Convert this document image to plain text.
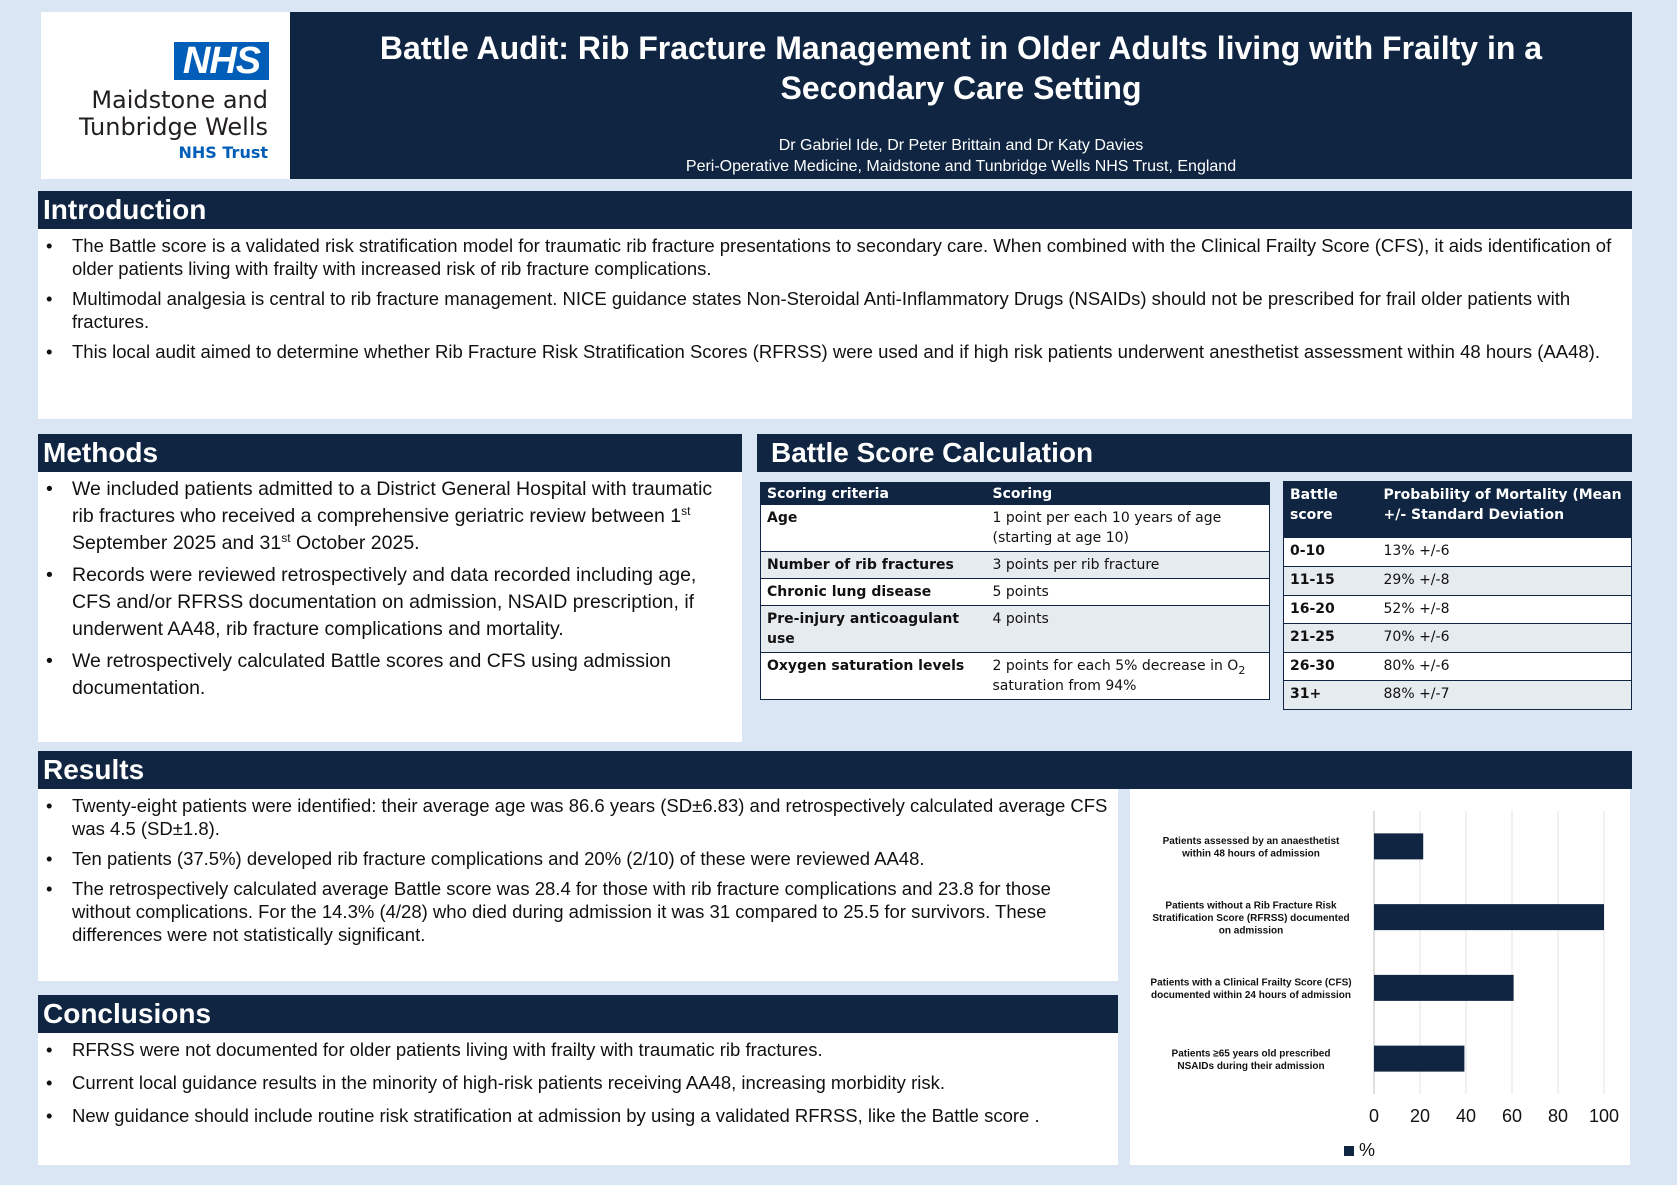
NHS
Maidstone and
Tunbridge Wells
NHS Trust
Battle Audit: Rib Fracture Management in Older Adults living with Frailty in a
Secondary Care Setting
Dr Gabriel Ide, Dr Peter Brittain and Dr Katy Davies
Peri-Operative Medicine, Maidstone and Tunbridge Wells NHS Trust, England
Introduction
• The Battle score is a validated risk stratification model for traumatic rib fracture presentations to secondary care. When combined with the Clinical Frailty Score (CFS), it aids identification of older patients living with frailty with increased risk of rib fracture complications.
• Multimodal analgesia is central to rib fracture management. NICE guidance states Non-Steroidal Anti-Inflammatory Drugs (NSAIDs) should not be prescribed for frail older patients with fractures.
• This local audit aimed to determine whether Rib Fracture Risk Stratification Scores (RFRSS) were used and if high risk patients underwent anesthetist assessment within 48 hours (AA48).
Methods
• We included patients admitted to a District General Hospital with traumatic rib fractures who received a comprehensive geriatric review between 1st September 2025 and 31st October 2025.
• Records were reviewed retrospectively and data recorded including age, CFS and/or RFRSS documentation on admission, NSAID prescription, if underwent AA48, rib fracture complications and mortality.
• We retrospectively calculated Battle scores and CFS using admission documentation.
Battle Score Calculation
Scoring criteria	Scoring
Age	1 point per each 10 years of age (starting at age 10)
Number of rib fractures	3 points per rib fracture
Chronic lung disease	5 points
Pre-injury anticoagulant use	4 points
Oxygen saturation levels	2 points for each 5% decrease in $O_2$ saturation from 94%
Battle score	Probability of Mortality (Mean +/- Standard Deviation
0-10	13% +/-6
11-15	29% +/-8
16-20	52% +/-8
21-25	70% +/-6
26-30	80% +/-6
31+	88% +/-7
Results
• Twenty-eight patients were identified: their average age was 86.6 years (SD±6.83) and retrospectively calculated average CFS was 4.5 (SD±1.8).
• Ten patients (37.5%) developed rib fracture complications and 20% (2/10) of these were reviewed AA48.
• The retrospectively calculated average Battle score was 28.4 for those with rib fracture complications and 23.8 for those without complications. For the 14.3% (4/28) who died during admission it was 31 compared to 25.5 for survivors. These differences were not statistically significant.
Conclusions
• RFRSS were not documented for older patients living with frailty with traumatic rib fractures.
• Current local guidance results in the minority of high-risk patients receiving AA48, increasing morbidity risk.
• New guidance should include routine risk stratification at admission by using a validated RFRSS, like the Battle score .
Patients assessed by an anaesthetist
within 48 hours of admission
Patients without a Rib Fracture Risk
Stratification Score (RFRSS) documented
on admission
Patients with a Clinical Frailty Score (CFS)
documented within 24 hours of admission
Patients ≥65 years old prescribed
NSAIDs during their admission
0 20 40 60 80 100
%
